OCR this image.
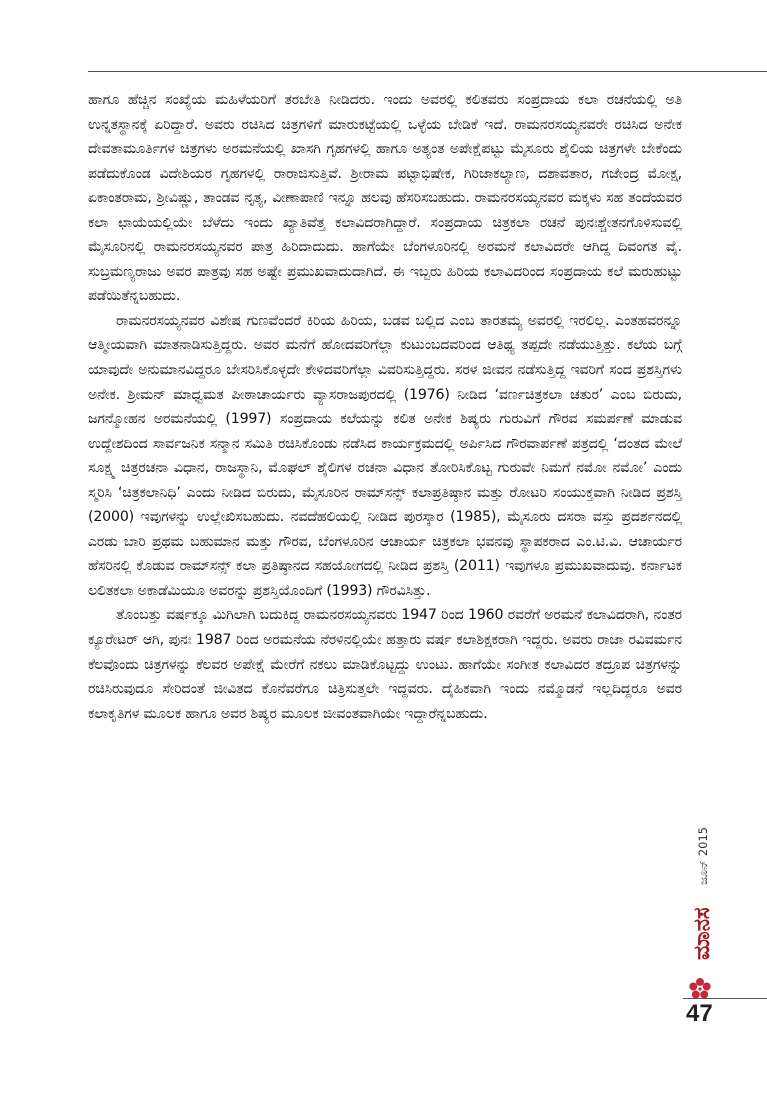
ಹಾಗೂ ಹೆಚ್ಚಿನ ಸಂಖ್ಯೆಯ ಮಹಿಳೆಯರಿಗೆ ತರಬೇತಿ ನೀಡಿದರು. ಇಂದು ಅವರಲ್ಲಿ ಕಲಿತವರು ಸಂಪ್ರದಾಯ ಕಲಾ ರಚನೆಯಲ್ಲಿ ಅತಿ ಉನ್ನತಸ್ಥಾನಕ್ಕೆ ಏರಿದ್ದಾರೆ. ಅವರು ರಚಿಸಿದ ಚಿತ್ರಗಳಿಗೆ ಮಾರುಕಟ್ಟೆಯಲ್ಲಿ ಒಳ್ಳೆಯ ಬೇಡಿಕೆ ಇದೆ. ರಾಮನರಸಯ್ಯನವರೇ ರಚಿಸಿದ ಅನೇಕ ದೇವತಾಮೂರ್ತಿಗಳ ಚಿತ್ರಗಳು ಅರಮನೆಯಲ್ಲಿ ಖಾಸಗಿ ಗೃಹಗಳಲ್ಲಿ ಹಾಗೂ ಅತ್ಯಂತ ಅಪೇಕ್ಷೆಪಟ್ಟು ಮೈಸೂರು ಶೈಲಿಯ ಚಿತ್ರಗಳೇ ಬೇಕೆಂದು ಪಡೆದುಕೊಂಡ ವಿದೇಶಿಯರ ಗೃಹಗಳಲ್ಲಿ ರಾರಾಜಿಸುತ್ತಿವೆ. ಶ್ರೀರಾಮ ಪಟ್ಟಾಭಿಷೇಕ, ಗಿರಿಜಾಕಲ್ಯಾಣ, ದಶಾವತಾರ, ಗಜೇಂದ್ರ ಮೋಕ್ಷ, ಏಕಾಂತರಾಮ, ಶ್ರೀವಿಷ್ಣು, ತಾಂಡವ ನೃತ್ಯ, ವೀಣಾಪಾಣಿ ಇನ್ನೂ ಹಲವು ಹೆಸರಿಸಬಹುದು. ರಾಮನರಸಯ್ಯನವರ ಮಕ್ಕಳು ಸಹ ತಂದೆಯವರ ಕಲಾ ಛಾಯೆಯಲ್ಲಿಯೇ ಬೆಳೆದು ಇಂದು ಖ್ಯಾತಿವೆತ್ತ ಕಲಾವಿದರಾಗಿದ್ದಾರೆ. ಸಂಪ್ರದಾಯ ಚಿತ್ರಕಲಾ ರಚನೆ ಪುನಃಶ್ಚೇತನಗೊಳಿಸುವಲ್ಲಿ ಮೈಸೂರಿನಲ್ಲಿ ರಾಮನರಸಯ್ಯನವರ ಪಾತ್ರ ಹಿರಿದಾದುದು. ಹಾಗೆಯೇ ಬೆಂಗಳೂರಿನಲ್ಲಿ ಅರಮನೆ ಕಲಾವಿದರೇ ಆಗಿದ್ದ ದಿವಂಗತ ವೈ. ಸುಬ್ರಮಣ್ಯರಾಜು ಅವರ ಪಾತ್ರವು ಸಹ ಅಷ್ಟೇ ಪ್ರಮುಖವಾದುದಾಗಿದೆ. ಈ ಇಬ್ಬರು ಹಿರಿಯ ಕಲಾವಿದರಿಂದ ಸಂಪ್ರದಾಯ ಕಲೆ ಮರುಹುಟ್ಟು ಪಡೆಯಿತೆನ್ನಬಹುದು.

ರಾಮನರಸಯ್ಯನವರ ವಿಶೇಷ ಗುಣವೆಂದರೆ ಕಿರಿಯ ಹಿರಿಯ, ಬಡವ ಬಲ್ಲಿದ ಎಂಬ ತಾರತಮ್ಯ ಅವರಲ್ಲಿ ಇರಲಿಲ್ಲ. ಎಂತಹವರನ್ನೂ ಆತ್ಮೀಯವಾಗಿ ಮಾತನಾಡಿಸುತ್ತಿದ್ದರು. ಅವರ ಮನೆಗೆ ಹೋದವರಿಗೆಲ್ಲಾ ಕುಟುಂಬದವರಿಂದ ಆತಿಥ್ಯ ತಪ್ಪದೇ ನಡೆಯುತ್ತಿತ್ತು. ಕಲೆಯ ಬಗ್ಗೆ ಯಾವುದೇ ಅನುಮಾನವಿದ್ದರೂ ಬೇಸರಿಸಿಕೊಳ್ಳದೇ ಕೇಳಿದವರಿಗೆಲ್ಲಾ ವಿವರಿಸುತ್ತಿದ್ದರು. ಸರಳ ಜೀವನ ನಡೆಸುತ್ತಿದ್ದ ಇವರಿಗೆ ಸಂದ ಪ್ರಶಸ್ತಿಗಳು ಅನೇಕ. ಶ್ರೀಮನ್ ಮಾಧ್ವಮತ ಪೀಠಾಚಾರ್ಯರು ವ್ಯಾಸರಾಜಪುರದಲ್ಲಿ (1976) ನೀಡಿದ ‘ವರ್ಣಚಿತ್ರಕಲಾ ಚತುರ’ ಎಂಬ ಬಿರುದು, ಜಗನ್ಮೋಹನ ಅರಮನೆಯಲ್ಲಿ (1997) ಸಂಪ್ರದಾಯ ಕಲೆಯನ್ನು ಕಲಿತ ಅನೇಕ ಶಿಷ್ಯರು ಗುರುವಿಗೆ ಗೌರವ ಸಮರ್ಪಣೆ ಮಾಡುವ ಉದ್ದೇಶದಿಂದ ಸಾರ್ವಜನಿಕ ಸನ್ಮಾನ ಸಮಿತಿ ರಚಿಸಿಕೊಂಡು ನಡೆಸಿದ ಕಾರ್ಯಕ್ರಮದಲ್ಲಿ ಅರ್ಪಿಸಿದ ಗೌರವಾರ್ಪಣೆ ಪತ್ರದಲ್ಲಿ ‘ದಂತದ ಮೇಲೆ ಸೂಕ್ಷ್ಮ ಚಿತ್ರರಚನಾ ವಿಧಾನ, ರಾಜಸ್ಥಾನಿ, ಮೊಘಲ್ ಶೈಲಿಗಳ ರಚನಾ ವಿಧಾನ ತೋರಿಸಿಕೊಟ್ಟ ಗುರುವೇ ನಿಮಗೆ ನಮೋ ನಮೋ’ ಎಂದು ಸ್ಮರಿಸಿ ‘ಚಿತ್ರಕಲಾನಿಧಿ’ ಎಂದು ನೀಡಿದ ಬಿರುದು, ಮೈಸೂರಿನ ರಾಮ್‌ಸನ್ಸ್ ಕಲಾಪ್ರತಿಷ್ಠಾನ ಮತ್ತು ರೋಟರಿ ಸಂಯುಕ್ತವಾಗಿ ನೀಡಿದ ಪ್ರಶಸ್ತಿ (2000) ಇವುಗಳನ್ನು ಉಲ್ಲೇಖಿಸಬಹುದು. ನವದೆಹಲಿಯಲ್ಲಿ ನೀಡಿದ ಪುರಸ್ಕಾರ (1985), ಮೈಸೂರು ದಸರಾ ವಸ್ತು ಪ್ರದರ್ಶನದಲ್ಲಿ ಎರಡು ಬಾರಿ ಪ್ರಥಮ ಬಹುಮಾನ ಮತ್ತು ಗೌರವ, ಬೆಂಗಳೂರಿನ ಆಚಾರ್ಯ ಚಿತ್ರಕಲಾ ಭವನವು ಸ್ಥಾಪಕರಾದ ಎಂ.ಟಿ.ವಿ. ಆಚಾರ್ಯರ ಹೆಸರಿನಲ್ಲಿ ಕೊಡುವ ರಾಮ್‌ಸನ್ಸ್ ಕಲಾ ಪ್ರತಿಷ್ಠಾನದ ಸಹಯೋಗದಲ್ಲಿ ನೀಡಿದ ಪ್ರಶಸ್ತಿ (2011) ಇವುಗಳೂ ಪ್ರಮುಖವಾದುವು. ಕರ್ನಾಟಕ ಲಲಿತಕಲಾ ಅಕಾಡೆಮಿಯೂ ಅವರನ್ನು ಪ್ರಶಸ್ತಿಯೊಂದಿಗೆ (1993) ಗೌರವಿಸಿತ್ತು.

ತೊಂಬತ್ತು ವರ್ಷಕ್ಕೂ ಮಿಗಿಲಾಗಿ ಬದುಕಿದ್ದ ರಾಮನರಸಯ್ಯನವರು 1947 ರಿಂದ 1960 ರವರೆಗೆ ಅರಮನೆ ಕಲಾವಿದರಾಗಿ, ನಂತರ ಕ್ಯೂರೇಟರ್ ಆಗಿ, ಪುನಃ 1987 ರಿಂದ ಅರಮನೆಯ ನೆರಳಿನಲ್ಲಿಯೇ ಹತ್ತಾರು ವರ್ಷ ಕಲಾಶಿಕ್ಷಕರಾಗಿ ಇದ್ದರು. ಅವರು ರಾಜಾ ರವಿವರ್ಮನ ಕೆಲವೊಂದು ಚಿತ್ರಗಳನ್ನು ಕೆಲವರ ಅಪೇಕ್ಷೆ ಮೇರೆಗೆ ನಕಲು ಮಾಡಿಕೊಟ್ಟದ್ದು ಉಂಟು. ಹಾಗೆಯೇ ಸಂಗೀತ ಕಲಾವಿದರ ತದ್ರೂಪ ಚಿತ್ರಗಳನ್ನು ರಚಿಸಿರುವುದೂ ಸೇರಿದಂತೆ ಜೀವಿತದ ಕೊನೆವರೆಗೂ ಚಿತ್ರಿಸುತ್ತಲೇ ಇದ್ದವರು. ದೈಹಿಕವಾಗಿ ಇಂದು ನಮ್ಮೊಡನೆ ಇಲ್ಲದಿದ್ದರೂ ಅವರ ಕಲಾಕೃತಿಗಳ ಮೂಲಕ ಹಾಗೂ ಅವರ ಶಿಷ್ಯರ ಮೂಲಕ ಜೀವಂತವಾಗಿಯೇ ಇದ್ದಾರೆನ್ನಬಹುದು.

ಜೂನ್ 2015
ಮಾನಸ
47
